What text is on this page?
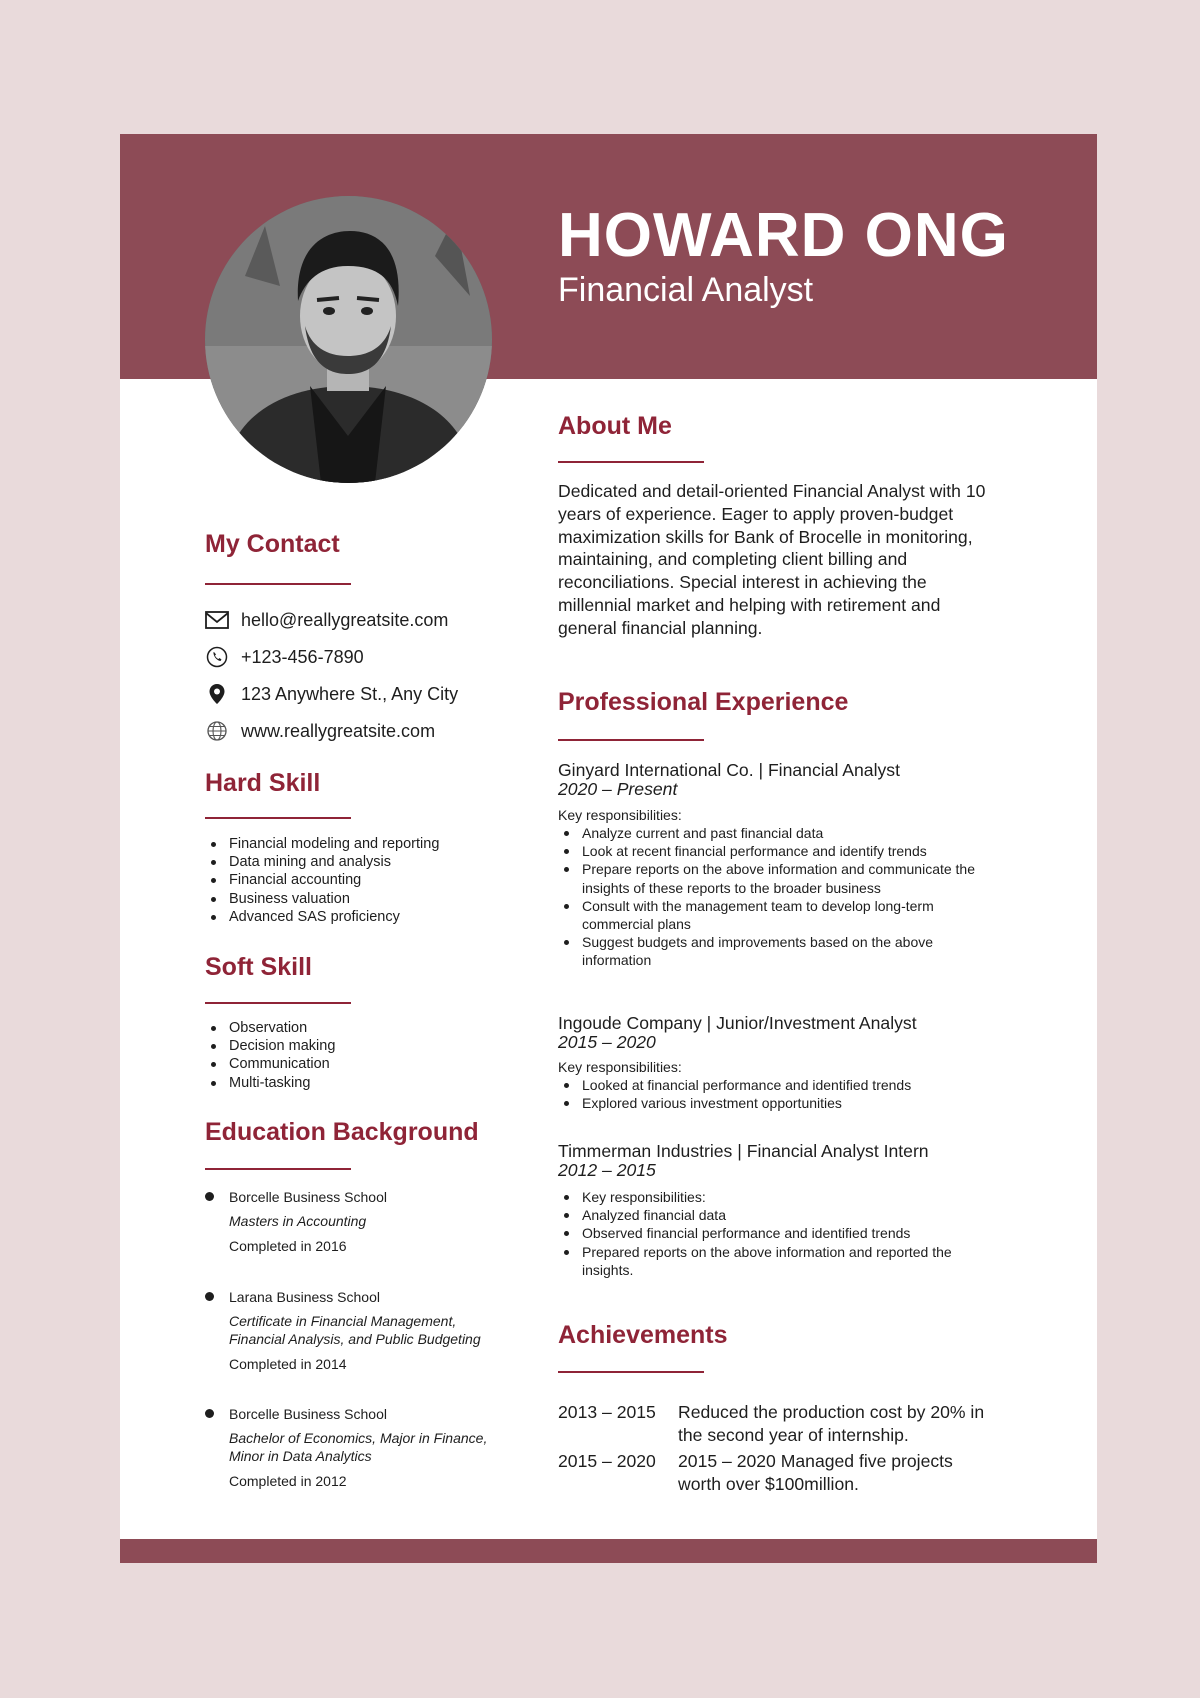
HOWARD ONG
Financial Analyst
My Contact
hello@reallygreatsite.com
+123-456-7890
123 Anywhere St., Any City
www.reallygreatsite.com
Hard Skill
Financial modeling and reporting
Data mining and analysis
Financial accounting
Business valuation
Advanced SAS proficiency
Soft Skill
Observation
Decision making
Communication
Multi-tasking
Education Background
Borcelle Business School
Masters in Accounting
Completed in 2016
Larana Business School
Certificate in Financial Management,
Financial Analysis, and Public Budgeting
Completed in 2014
Borcelle Business School
Bachelor of Economics, Major in Finance,
Minor in Data Analytics
Completed in 2012
About Me
Dedicated and detail-oriented Financial Analyst with 10
years of experience. Eager to apply proven-budget
maximization skills for Bank of Brocelle in monitoring,
maintaining, and completing client billing and
reconciliations. Special interest in achieving the
millennial market and helping with retirement and
general financial planning.
Professional Experience
Ginyard International Co. | Financial Analyst
2020 – Present
Key responsibilities:
Analyze current and past financial data
Look at recent financial performance and identify trends
Prepare reports on the above information and communicate the
insights of these reports to the broader business
Consult with the management team to develop long-term
commercial plans
Suggest budgets and improvements based on the above
information
Ingoude Company | Junior/Investment Analyst
2015 – 2020
Key responsibilities:
Looked at financial performance and identified trends
Explored various investment opportunities
Timmerman Industries | Financial Analyst Intern
2012 – 2015
Key responsibilities:
Analyzed financial data
Observed financial performance and identified trends
Prepared reports on the above information and reported the
insights.
Achievements
2013 – 2015 Reduced the production cost by 20% in
the second year of internship.
2015 – 2020 2015 – 2020 Managed five projects
worth over $100million.
